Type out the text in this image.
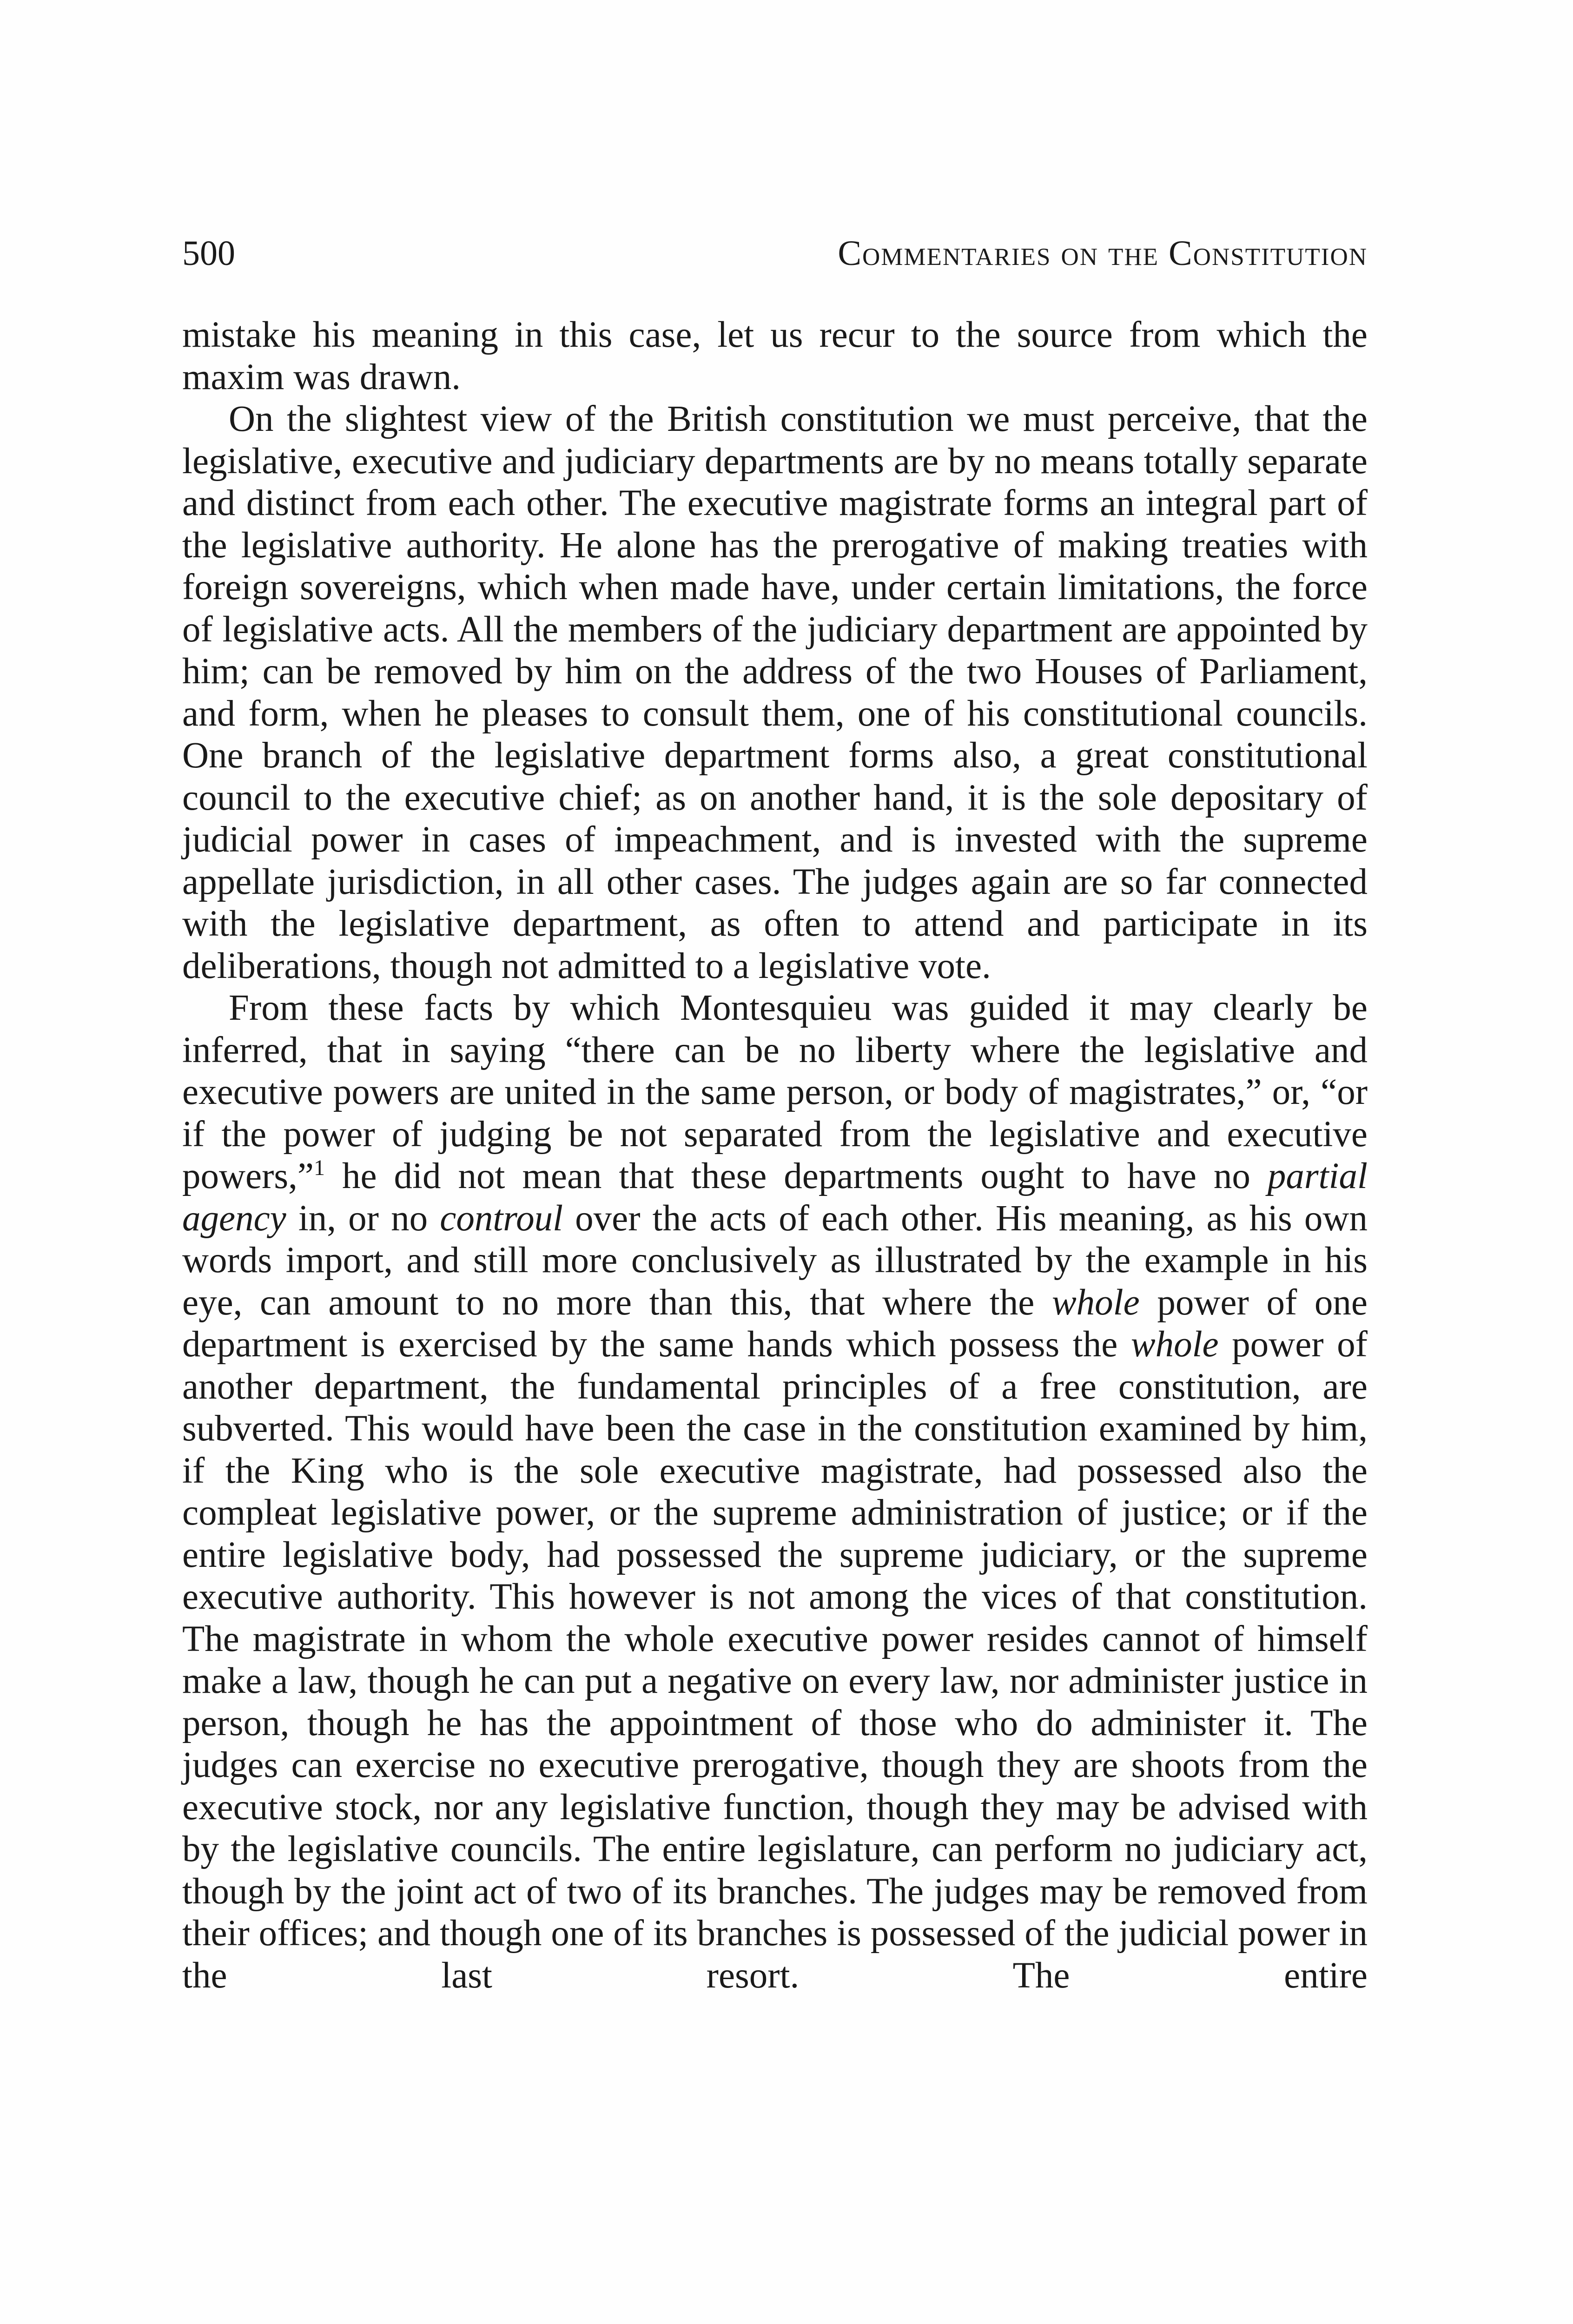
500	Commentaries on the Constitution

mistake his meaning in this case, let us recur to the source from which the maxim was drawn.

On the slightest view of the British constitution we must perceive, that the legislative, executive and judiciary departments are by no means totally separate and distinct from each other. The executive magistrate forms an integral part of the legislative authority. He alone has the prerogative of making treaties with foreign sovereigns, which when made have, under certain limitations, the force of legislative acts. All the members of the judiciary department are appointed by him; can be removed by him on the address of the two Houses of Parliament, and form, when he pleases to consult them, one of his constitutional councils. One branch of the legislative department forms also, a great constitutional council to the executive chief; as on another hand, it is the sole depositary of judicial power in cases of impeachment, and is invested with the supreme appellate jurisdiction, in all other cases. The judges again are so far connected with the legislative department, as often to attend and participate in its deliberations, though not admitted to a legislative vote.

From these facts by which Montesquieu was guided it may clearly be inferred, that in saying “there can be no liberty where the legislative and executive powers are united in the same person, or body of magistrates,” or, “or if the power of judging be not separated from the legislative and executive powers,”$^1$ he did not mean that these departments ought to have no partial agency in, or no controul over the acts of each other. His meaning, as his own words import, and still more conclusively as illustrated by the example in his eye, can amount to no more than this, that where the whole power of one department is exercised by the same hands which possess the whole power of another department, the fundamental principles of a free constitution, are subverted. This would have been the case in the constitution examined by him, if the King who is the sole executive magistrate, had possessed also the compleat legislative power, or the supreme administration of justice; or if the entire legislative body, had possessed the supreme judiciary, or the supreme executive authority. This however is not among the vices of that constitution. The magistrate in whom the whole executive power resides cannot of himself make a law, though he can put a negative on every law, nor administer justice in person, though he has the appointment of those who do administer it. The judges can exercise no executive prerogative, though they are shoots from the executive stock, nor any legislative function, though they may be advised with by the legislative councils. The entire legislature, can perform no judiciary act, though by the joint act of two of its branches. The judges may be removed from their offices; and though one of its branches is possessed of the judicial power in the last resort. The entire
